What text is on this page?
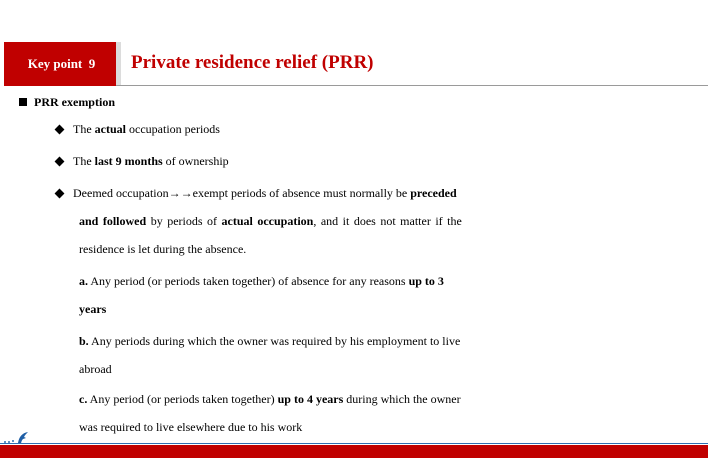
Key point  9	Private residence relief (PRR)
PRR exemption
The actual occupation periods
The last 9 months of ownership
Deemed occupation→→exempt periods of absence must normally be preceded
and followed by periods of actual occupation, and it does not matter if the
residence is let during the absence.
a. Any period (or periods taken together) of absence for any reasons up to 3
years
b. Any periods during which the owner was required by his employment to live
abroad
c. Any period (or periods taken together) up to 4 years during which the owner
was required to live elsewhere due to his work
